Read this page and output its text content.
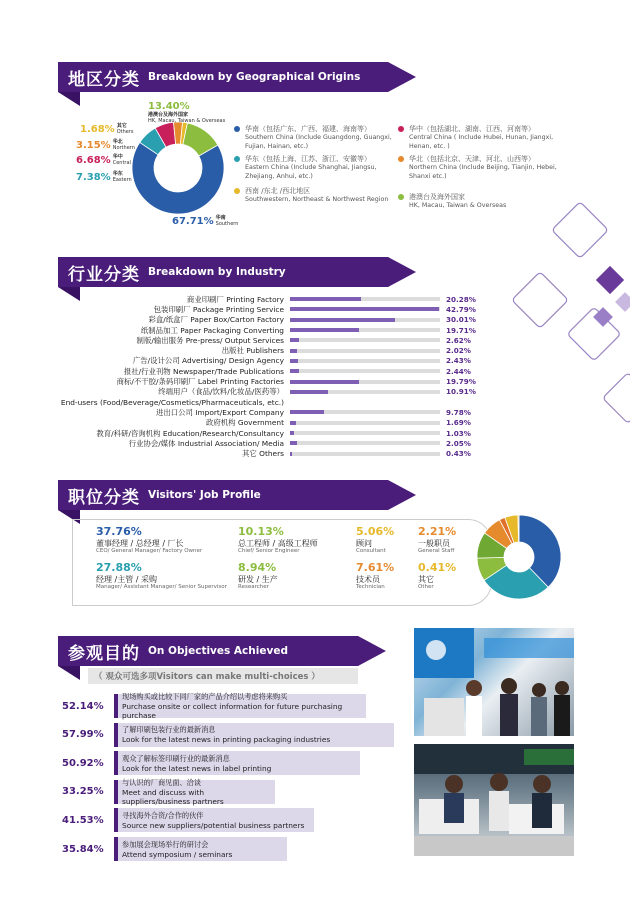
地区分类 Breakdown by Geographical Origins
13.40%
港澳台及海外国家
HK, Macau, Taiwan & Overseas
1.68% 其它
Others
3.15% 华北
Northern
6.68% 华中
Central
7.38% 华东
Eastern
67.71% 华南
Southern
华南（包括广东、广西、福建、海南等）
Southern China (Include Guangdong, Guangxi, Fujian, Hainan, etc.)
华中（包括湖北、湖南、江西、河南等）
Central China ( Include Hubei, Hunan, Jiangxi, Henan, etc. )
华东（包括上海、江苏、浙江、安徽等）
Eastern China (Include Shanghai, Jiangsu, Zhejiang, Anhui, etc.)
华北（包括北京、天津、河北、山西等）
Northern China (Include Beijing, Tianjin, Hebei, Shanxi etc.)
西南 /东北 /西北地区
Southwestern, Northeast & Northwest Region	港澳台及海外国家
HK, Macau, Taiwan & Overseas
行业分类 Breakdown by Industry
商业印刷厂 Printing Factory	20.28%
包装印刷厂 Package Printing Service	42.79%
彩盒/纸盒厂 Paper Box/Carton Factory	30.01%
纸制品加工 Paper Packaging Converting	19.71%
制版/输出服务 Pre-press/ Output Services	2.62%
出版社 Publishers	2.02%
广告/设计公司 Advertising/ Design Agency	2.43%
报社/行业刊物 Newspaper/Trade Publications	2.44%
商标/不干胶/条码印刷厂 Label Printing Factories	19.79%
终端用户（食品/饮料/化妆品/医药等）	10.91%
End-users (Food/Beverage/Cosmetics/Pharmaceuticals, etc.)
进出口公司 Import/Export Company	9.78%
政府机构 Government	1.69%
教育/科研/咨询机构 Education/Research/Consultancy	1.03%
行业协会/媒体 Industrial Association/ Media	2.05%
其它 Others	0.43%
职位分类 Visitors' Job Profile
37.76%
董事经理 / 总经理 / 厂长
CEO/ General Manager/ Factory Owner
10.13%
总工程师 / 高级工程师
Chief/ Senior Engineer
5.06%
顾问
Consultant
2.21%
一般职员
General Staff
27.88%
经理 /主管 / 采购
Manager/ Assistant Manager/ Senior Supervisor
8.94%
研发 / 生产
Researcher
7.61%
技术员
Technician
0.41%
其它
Other
参观目的 On Objectives Achieved
（ 观众可选多项Visitors can make multi-choices ）
52.14%
现场购买或比较下同厂家的产品介绍以考虑将来购买
Purchase onsite or collect information for future purchasing purchase
57.99%	了解印刷包装行业的最新消息
Look for the latest news in printing packaging industries
50.92%	观众了解标签印刷行业的最新消息
Look for the latest news in label printing
33.25%
与认识的厂商见面、洽谈
Meet and discuss with suppliers/business partners
41.53%	寻找海外合资/合作的伙伴
Source new suppliers/potential business partners
35.84%	参加展会现场举行的研讨会
Attend symposium / seminars
